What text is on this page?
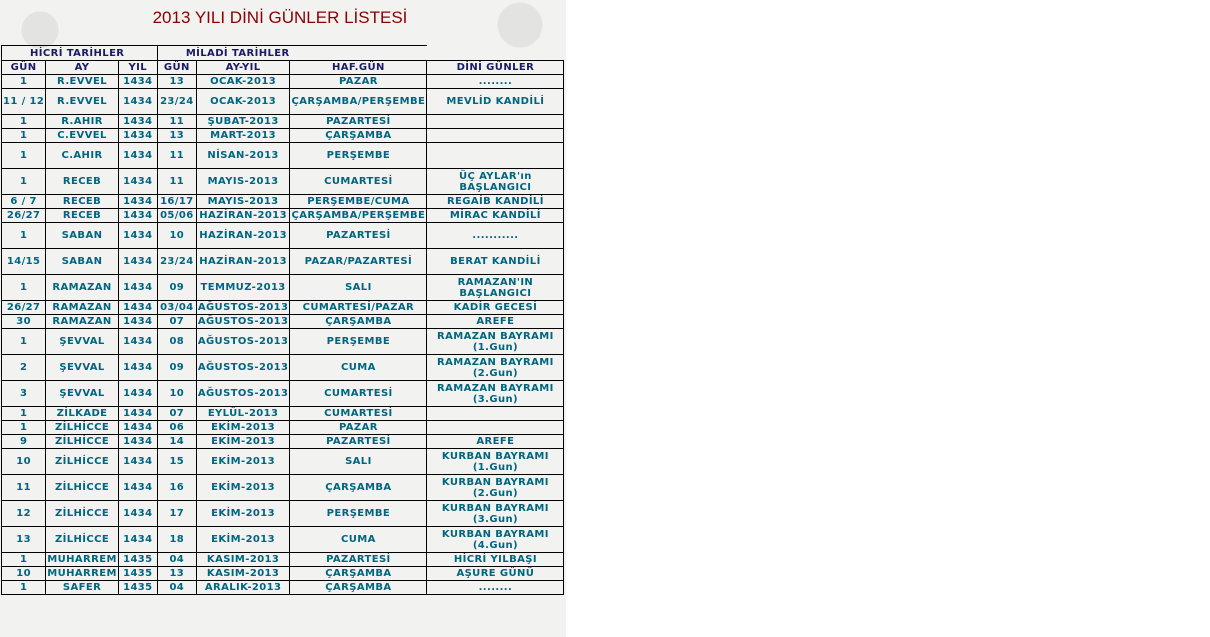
2013 YILI DİNİ GÜNLER LİSTESİ
HİCRİ TARİHLER			MİLADİ TARİHLER			
GÜN	AY	YIL	GÜN	AY-YIL	HAF.GÜN	DİNİ GÜNLER
1	R.EVVEL	1434	13	OCAK-2013	PAZAR	........
11 / 12	R.EVVEL	1434	23/24	OCAK-2013	ÇARŞAMBA/PERŞEMBE	MEVLİD KANDİLİ
1	R.AHIR	1434	11	ŞUBAT-2013	PAZARTESİ	
1	C.EVVEL	1434	13	MART-2013	ÇARŞAMBA	
1	C.AHIR	1434	11	NİSAN-2013	PERŞEMBE	
1	RECEB	1434	11	MAYIS-2013	CUMARTESİ	ÜÇ AYLAR'ın BAŞLANGICI
6 / 7	RECEB	1434	16/17	MAYIS-2013	PERŞEMBE/CUMA	REGAİB KANDİLİ
26/27	RECEB	1434	05/06	HAZİRAN-2013	ÇARŞAMBA/PERŞEMBE	MİRAC KANDİLİ
1	SABAN	1434	10	HAZİRAN-2013	PAZARTESİ	...........
14/15	SABAN	1434	23/24	HAZİRAN-2013	PAZAR/PAZARTESİ	BERAT KANDİLİ
1	RAMAZAN	1434	09	TEMMUZ-2013	SALI	RAMAZAN'IN BAŞLANGICI
26/27	RAMAZAN	1434	03/04	AĞUSTOS-2013	CUMARTESİ/PAZAR	KADİR GECESİ
30	RAMAZAN	1434	07	AĞUSTOS-2013	ÇARŞAMBA	AREFE
1	ŞEVVAL	1434	08	AĞUSTOS-2013	PERŞEMBE	RAMAZAN BAYRAMI (1.Gun)
2	ŞEVVAL	1434	09	AĞUSTOS-2013	CUMA	RAMAZAN BAYRAMI (2.Gun)
3	ŞEVVAL	1434	10	AĞUSTOS-2013	CUMARTESİ	RAMAZAN BAYRAMI (3.Gun)
1	ZİLKADE	1434	07	EYLÜL-2013	CUMARTESİ	
1	ZİLHİCCE	1434	06	EKİM-2013	PAZAR	
9	ZİLHİCCE	1434	14	EKİM-2013	PAZARTESİ	AREFE
10	ZİLHİCCE	1434	15	EKİM-2013	SALI	KURBAN BAYRAMI (1.Gun)
11	ZİLHİCCE	1434	16	EKİM-2013	ÇARŞAMBA	KURBAN BAYRAMI (2.Gun)
12	ZİLHİCCE	1434	17	EKİM-2013	PERŞEMBE	KURBAN BAYRAMI (3.Gun)
13	ZİLHİCCE	1434	18	EKİM-2013	CUMA	KURBAN BAYRAMI (4.Gun)
1	MUHARREM	1435	04	KASIM-2013	PAZARTESİ	HİCRİ YILBAŞI
10	MUHARREM	1435	13	KASIM-2013	ÇARŞAMBA	AŞURE GÜNÜ
1	SAFER	1435	04	ARALIK-2013	ÇARŞAMBA	........
